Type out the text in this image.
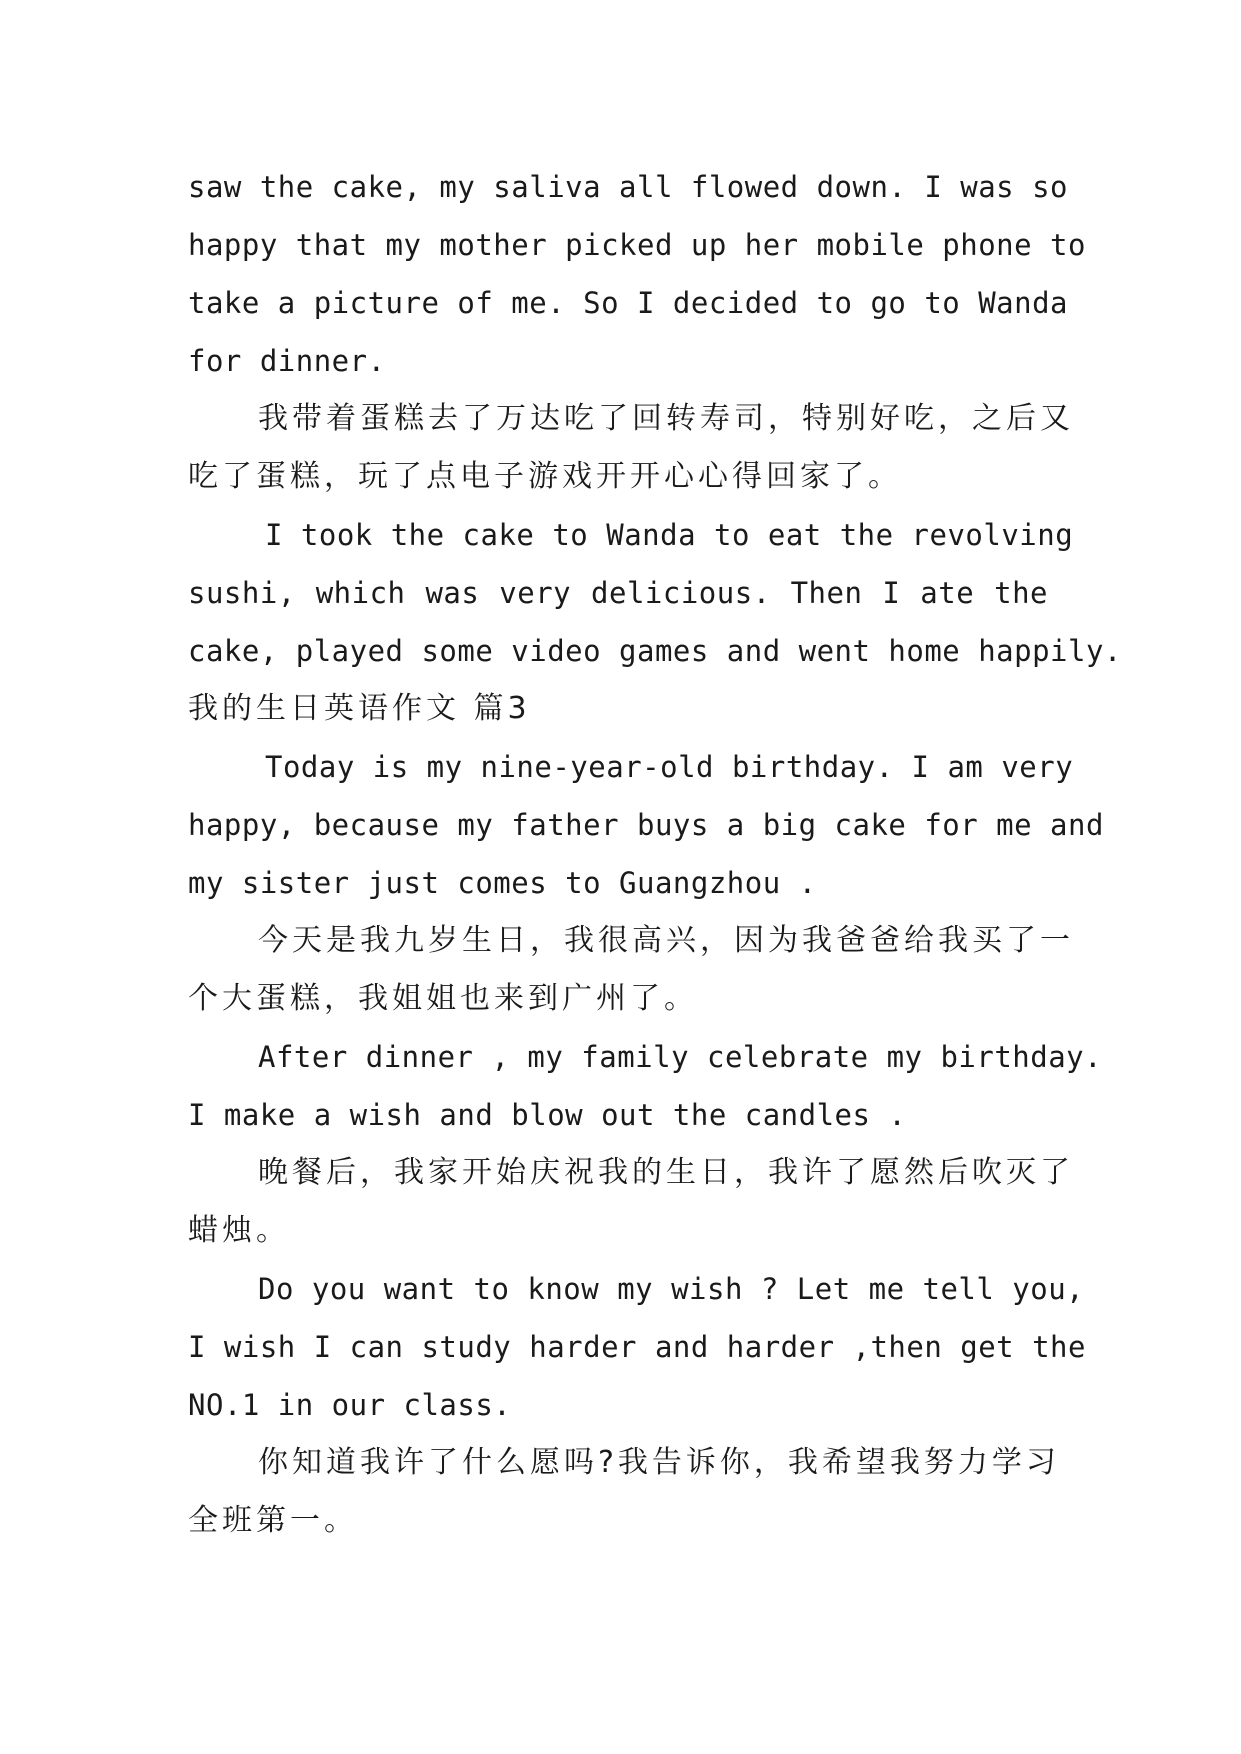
saw the cake, my saliva all flowed down. I was so
happy that my mother picked up her mobile phone to
take a picture of me. So I decided to go to Wanda
for dinner.
我带着蛋糕去了万达吃了回转寿司，特别好吃，之后又
吃了蛋糕，玩了点电子游戏开开心心得回家了。
I took the cake to Wanda to eat the revolving
sushi, which was very delicious. Then I ate the
cake, played some video games and went home happily.
我的生日英语作文 篇3
Today is my nine-year-old birthday. I am very
happy, because my father buys a big cake for me and
my sister just comes to Guangzhou .
今天是我九岁生日，我很高兴，因为我爸爸给我买了一
个大蛋糕，我姐姐也来到广州了。
After dinner , my family celebrate my birthday.
I make a wish and blow out the candles .
晚餐后，我家开始庆祝我的生日，我许了愿然后吹灭了
蜡烛。
Do you want to know my wish ? Let me tell you,
I wish I can study harder and harder ,then get the
NO.1 in our class.
你知道我许了什么愿吗?我告诉你，我希望我努力学习
全班第一。
